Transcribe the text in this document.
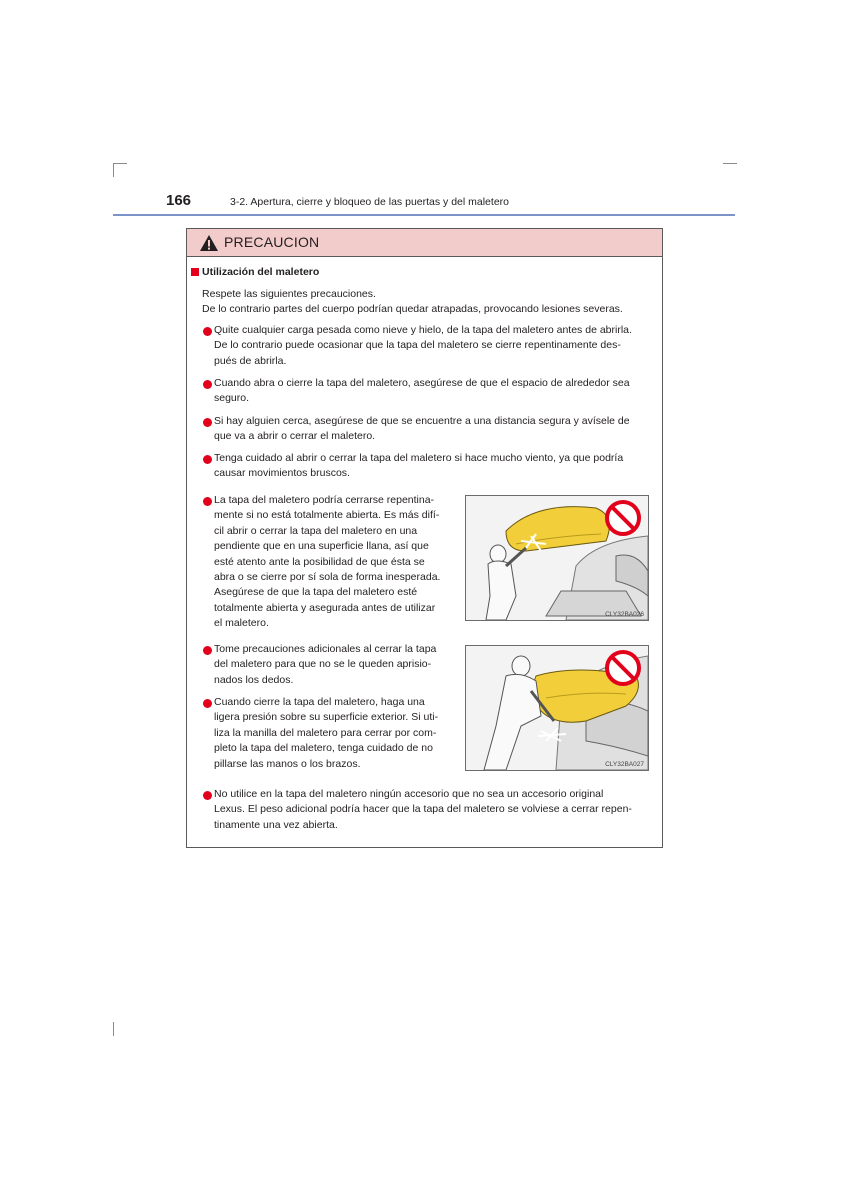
166	3-2. Apertura, cierre y bloqueo de las puertas y del maletero
PRECAUCION
Utilización del maletero
Respete las siguientes precauciones.
De lo contrario partes del cuerpo podrían quedar atrapadas, provocando lesiones severas.
Quite cualquier carga pesada como nieve y hielo, de la tapa del maletero antes de abrirla.
De lo contrario puede ocasionar que la tapa del maletero se cierre repentinamente des-
pués de abrirla.
Cuando abra o cierre la tapa del maletero, asegúrese de que el espacio de alrededor sea
seguro.
Si hay alguien cerca, asegúrese de que se encuentre a una distancia segura y avísele de
que va a abrir o cerrar el maletero.
Tenga cuidado al abrir o cerrar la tapa del maletero si hace mucho viento, ya que podría
causar movimientos bruscos.
La tapa del maletero podría cerrarse repentina-
mente si no está totalmente abierta. Es más difí-
cil abrir o cerrar la tapa del maletero en una
pendiente que en una superficie llana, así que
esté atento ante la posibilidad de que ésta se
abra o se cierre por sí sola de forma inesperada.
Asegúrese de que la tapa del maletero esté
totalmente abierta y asegurada antes de utilizar
el maletero.
CLY32BA026
Tome precauciones adicionales al cerrar la tapa
del maletero para que no se le queden aprisio-
nados los dedos.
Cuando cierre la tapa del maletero, haga una
ligera presión sobre su superficie exterior. Si uti-
liza la manilla del maletero para cerrar por com-
pleto la tapa del maletero, tenga cuidado de no
pillarse las manos o los brazos.	CLY32BA027
No utilice en la tapa del maletero ningún accesorio que no sea un accesorio original
Lexus. El peso adicional podría hacer que la tapa del maletero se volviese a cerrar repen-
tinamente una vez abierta.
